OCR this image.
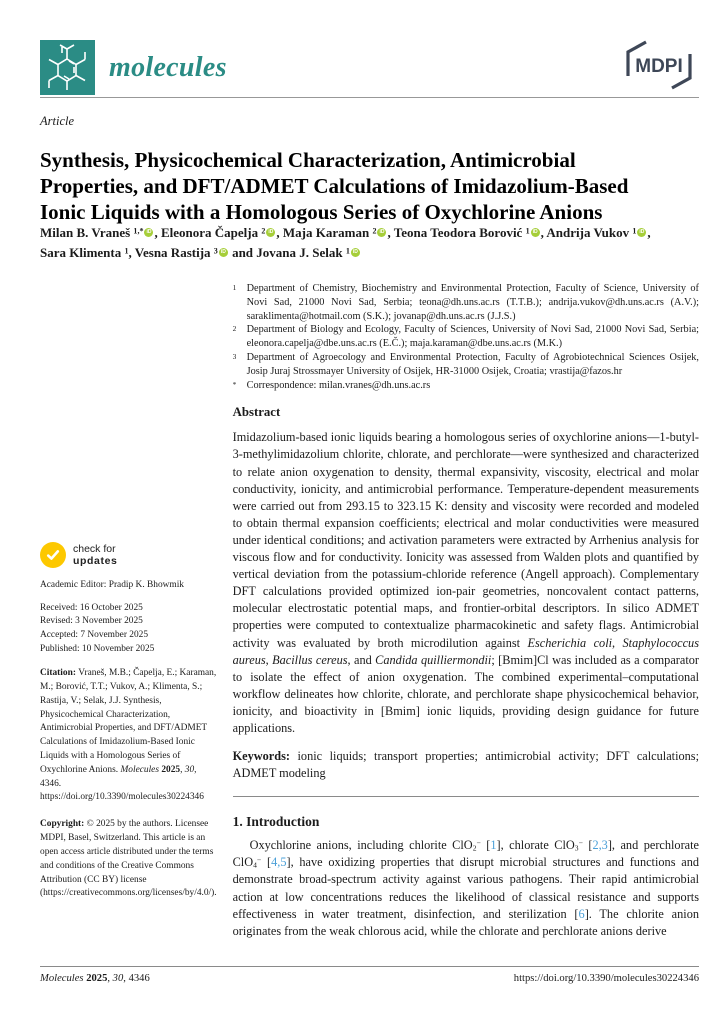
molecules	MDPI
Article
Synthesis, Physicochemical Characterization, Antimicrobial
Properties, and DFT/ADMET Calculations of Imidazolium-Based
Ionic Liquids with a Homologous Series of Oxychlorine Anions
Milan B. Vraneš $^{1,*}$ iD , Eleonora Čapelja $^2$ iD , Maja Karaman $^2$ iD , Teona Teodora Borović $^1$ iD , Andrija Vukov $^1$ iD ,
Sara Klimenta $^1$, Vesna Rastija $^3$ iD and Jovana J. Selak $^1$ iD
check for
updates
Academic Editor: Pradip K. Bhowmik
Received: 16 October 2025
Revised: 3 November 2025
Accepted: 7 November 2025
Published: 10 November 2025
Citation: Vraneš, M.B.; Čapelja, E.; Karaman, M.; Borović, T.T.; Vukov, A.; Klimenta, S.; Rastija, V.; Selak, J.J. Synthesis, Physicochemical Characterization, Antimicrobial Properties, and DFT/ADMET Calculations of Imidazolium-Based Ionic Liquids with a Homologous Series of Oxychlorine Anions. Molecules 2025, 30, 4346. https://doi.org/10.3390/molecules30224346
Copyright: © 2025 by the authors. Licensee MDPI, Basel, Switzerland. This article is an open access article distributed under the terms and conditions of the Creative Commons Attribution (CC BY) license (https://creativecommons.org/licenses/by/4.0/).
1 Department of Chemistry, Biochemistry and Environmental Protection, Faculty of Science, University of Novi Sad, 21000 Novi Sad, Serbia; teona@dh.uns.ac.rs (T.T.B.); andrija.vukov@dh.uns.ac.rs (A.V.); saraklimenta@hotmail.com (S.K.); jovanap@dh.uns.ac.rs (J.J.S.)
2 Department of Biology and Ecology, Faculty of Sciences, University of Novi Sad, 21000 Novi Sad, Serbia; eleonora.capelja@dbe.uns.ac.rs (E.Č.); maja.karaman@dbe.uns.ac.rs (M.K.)
3 Department of Agroecology and Environmental Protection, Faculty of Agrobiotechnical Sciences Osijek, Josip Juraj Strossmayer University of Osijek, HR-31000 Osijek, Croatia; vrastija@fazos.hr
* Correspondence: milan.vranes@dh.uns.ac.rs
Abstract
Imidazolium-based ionic liquids bearing a homologous series of oxychlorine anions—1-butyl-3-methylimidazolium chlorite, chlorate, and perchlorate—were synthesized and characterized to relate anion oxygenation to density, thermal expansivity, viscosity, electrical and molar conductivity, ionicity, and antimicrobial performance. Temperature-dependent measurements were carried out from 293.15 to 323.15 K: density and viscosity were recorded and modeled to obtain thermal expansion coefficients; electrical and molar conductivities were measured under identical conditions; and activation parameters were extracted by Arrhenius analysis for viscous flow and for conductivity. Ionicity was assessed from Walden plots and quantified by vertical deviation from the potassium-chloride reference (Angell approach). Complementary DFT calculations provided optimized ion-pair geometries, noncovalent contact patterns, molecular electrostatic potential maps, and frontier-orbital descriptors. In silico ADMET properties were computed to contextualize pharmacokinetic and safety flags. Antimicrobial activity was evaluated by broth microdilution against Escherichia coli, Staphylococcus aureus, Bacillus cereus, and Candida quilliermondii; [Bmim]Cl was included as a comparator to isolate the effect of anion oxygenation. The combined experimental–computational workflow delineates how chlorite, chlorate, and perchlorate shape physicochemical behavior, ionicity, and bioactivity in [Bmim] ionic liquids, providing design guidance for future applications.
Keywords: ionic liquids; transport properties; antimicrobial activity; DFT calculations; ADMET modeling
1. Introduction
Oxychlorine anions, including chlorite ClO$_2$− [1], chlorate ClO$_3$− [2,3], and perchlorate ClO$_4$− [4,5], have oxidizing properties that disrupt microbial structures and functions and demonstrate broad-spectrum activity against various pathogens. Their rapid antimicrobial action at low concentrations reduces the likelihood of classical resistance and supports effectiveness in water treatment, disinfection, and sterilization [6]. The chlorite anion originates from the weak chlorous acid, while the chlorate and perchlorate anions derive
Molecules 2025, 30, 4346	https://doi.org/10.3390/molecules30224346
